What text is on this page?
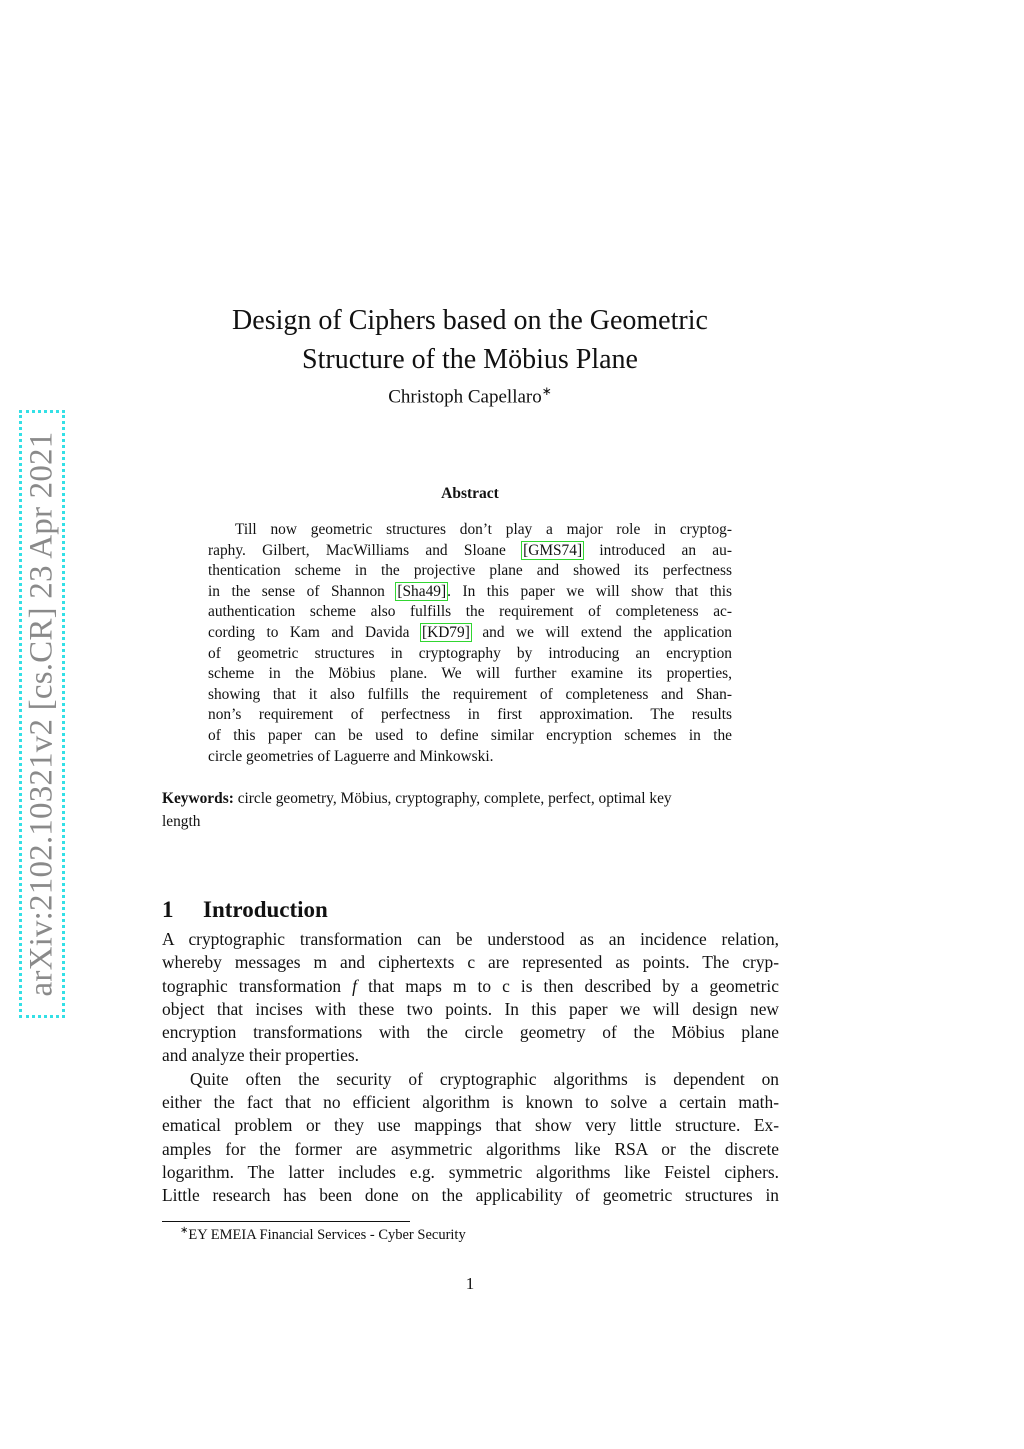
arXiv:2102.10321v2 [cs.CR] 23 Apr 2021
Design of Ciphers based on the Geometric
Structure of the Möbius Plane
Christoph Capellaro∗
Abstract
Till now geometric structures don’t play a major role in cryptog-
raphy. Gilbert, MacWilliams and Sloane [GMS74] introduced an au-
thentication scheme in the projective plane and showed its perfectness
in the sense of Shannon [Sha49]. In this paper we will show that this
authentication scheme also fulfills the requirement of completeness ac-
cording to Kam and Davida [KD79] and we will extend the application
of geometric structures in cryptography by introducing an encryption
scheme in the Möbius plane. We will further examine its properties,
showing that it also fulfills the requirement of completeness and Shan-
non’s requirement of perfectness in first approximation. The results
of this paper can be used to define similar encryption schemes in the
circle geometries of Laguerre and Minkowski.
Keywords: circle geometry, Möbius, cryptography, complete, perfect, optimal key
length
1 Introduction
A cryptographic transformation can be understood as an incidence relation,
whereby messages m and ciphertexts c are represented as points. The cryp-
tographic transformation f that maps m to c is then described by a geometric
object that incises with these two points. In this paper we will design new
encryption transformations with the circle geometry of the Möbius plane
and analyze their properties.
Quite often the security of cryptographic algorithms is dependent on
either the fact that no efficient algorithm is known to solve a certain math-
ematical problem or they use mappings that show very little structure. Ex-
amples for the former are asymmetric algorithms like RSA or the discrete
logarithm. The latter includes e.g. symmetric algorithms like Feistel ciphers.
Little research has been done on the applicability of geometric structures in
∗EY EMEIA Financial Services - Cyber Security
1
